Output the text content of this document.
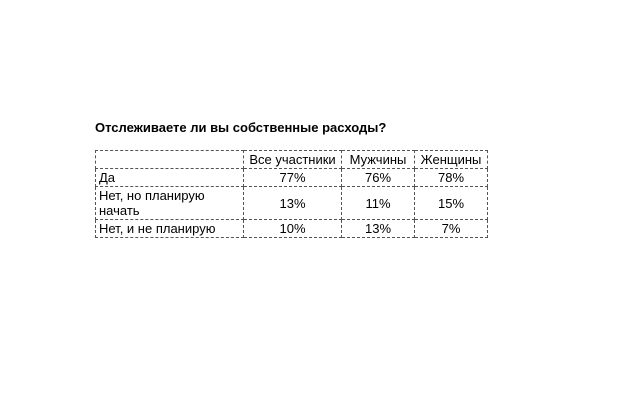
Отслеживаете ли вы собственные расходы?
	Все участники	Мужчины	Женщины
Да	77%	76%	78%
Нет, но планирую начать	13%	11%	15%
Нет, и не планирую	10%	13%	7%
